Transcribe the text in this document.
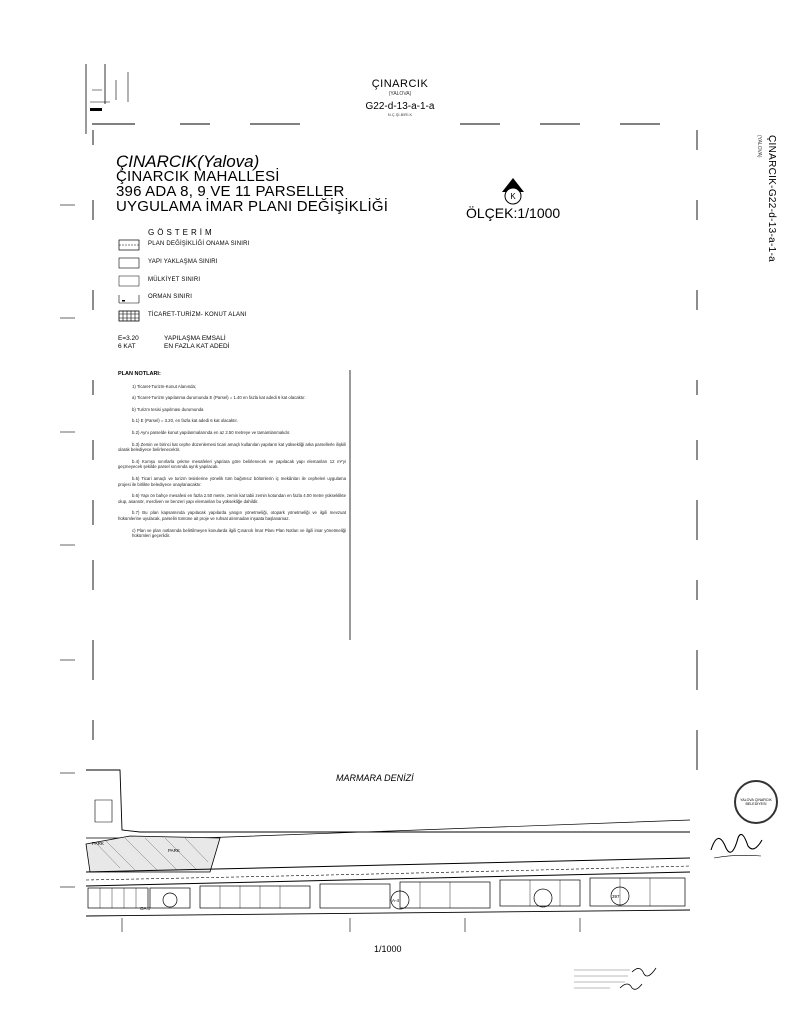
ÇINARCIK
(YALOVA)
G22-d-13-a-1-a
N.Ç.Şİ.BİRİ.K
ÇINARCIK-G22-d-13-a-1-a
(YALOVA)
ÇINARCIK(Yalova)
ÇINARCIK MAHALLESİ
396 ADA 8, 9 VE 11 PARSELLER
UYGULAMA İMAR PLANI DEĞİŞİKLİĞİ
K
ÖLÇEK:1/1000
GÖSTERİM
PLAN DEĞİŞİKLİĞİ ONAMA SINIRI
YAPI YAKLAŞMA SINIRI
MÜLKİYET SINIRI
ORMAN SINIRI
TİCARET-TURİZM- KONUT ALANI
E=3.20	YAPILAŞMA EMSALİ
6 KAT	EN FAZLA KAT ADEDİ
PLAN NOTLARI:

1) Ticaret-Turizm-Konut Alanında;

a) Ticaret-Turizm yapılanma durumunda E (Parsel) = 1.40 en fazla kat adedi 6 kat olacaktır.

b) Turizm tesisi yapılması durumunda

b.1) E (Parsel) = 3.20, en fazla kat adedi 6 kat olacaktır.

b.2) Aynı parselde konut yapılanmalarında en az 2.50 metreye ve tamamlanmalıdır.

b.3) Zemin ve birinci kat cephe düzenlemesi ticari amaçlı kullanılan yapıların kat yüksekliği arka parsellerle ilişkili olarak belediyece belirlenecektir.

b.4) Komşu sınırlarla çekme mesafeleri yapılara göre belirlenecek ve yapılacak yapı elemanları 12 m²'yi geçmeyecek şekilde parsel sınırında ayrık yapılacak.

b.5) Ticari amaçlı ve turizm tesislerine yönelik tüm bağımsız bölümlerin iç mekânları ile cepheleri uygulama projesi ile birlikte belediyece onaylanacaktır.

b.6) Yapı ön bahçe mesafesi en fazla 2.50 metre, zemin kat tabii zemin kotundan en fazla 4.00 metre yükseklikte olup, asansör, merdiven ve benzeri yapı elemanları bu yüksekliğe dahildir.

b.7) Bu plan kapsamında yapılacak yapılarda yangın yönetmeliği, otopark yönetmeliği ve ilgili mevzuat hükümlerine uyulacak, parselin tümüne ait proje ve ruhsat alınmadan inşaata başlanamaz.

c) Plan ve plan notlarında belirtilmeyen konularda ilgili Çınarcık İmar Planı Plan Notları ve ilgili imar yönetmeliği hükümleri geçerlidir.

MARMARA DENİZİ
PARK
PARK
OA 8
A-4
397
1/1000
YALOVA ÇINARCIK BELEDİYESİ
